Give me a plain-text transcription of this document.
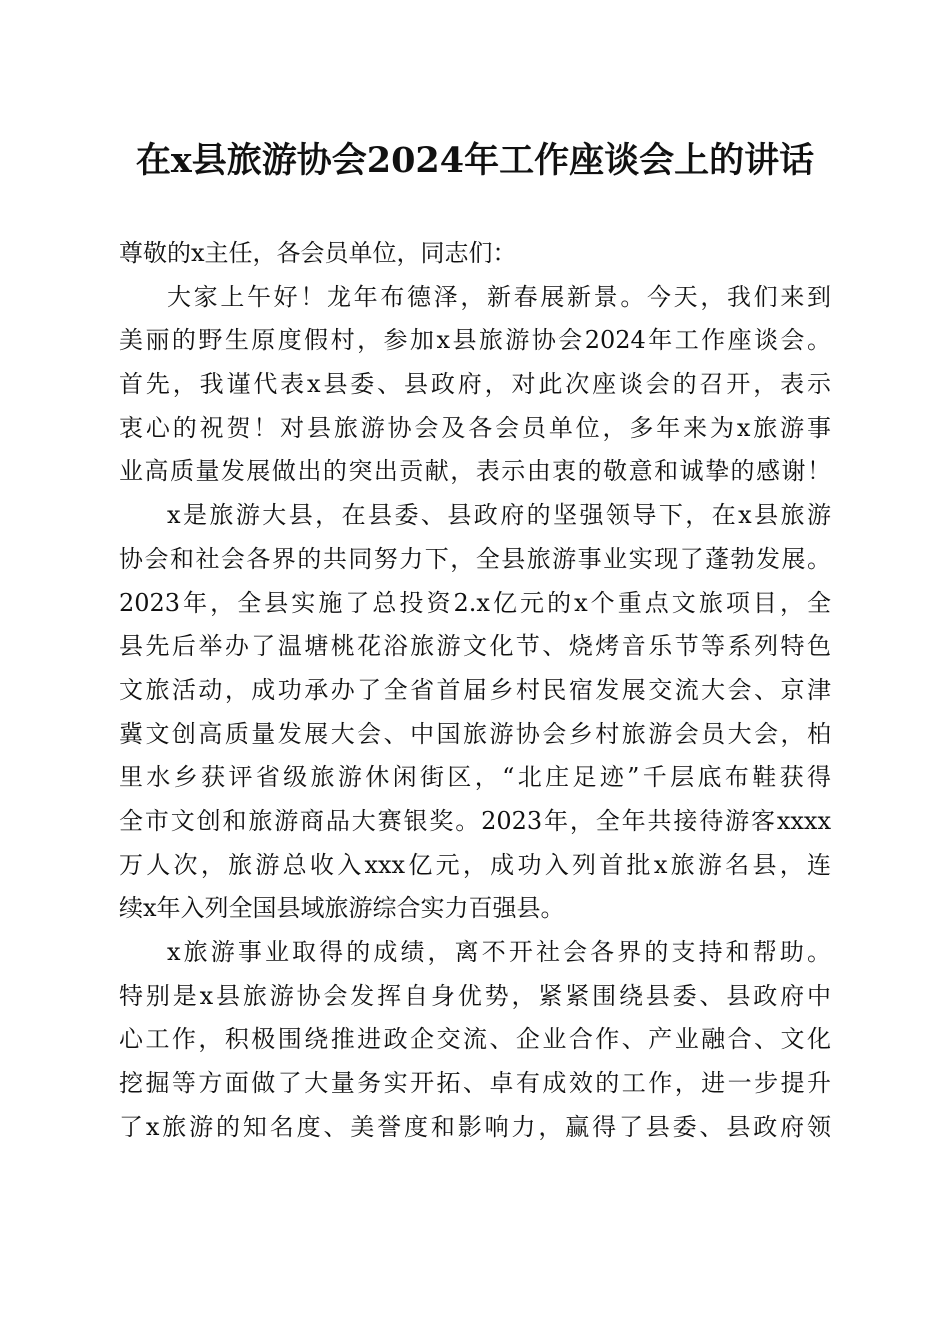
在x县旅游协会2024年工作座谈会上的讲话
尊敬的x主任，各会员单位，同志们：
大家上午好！龙年布德泽，新春展新景。今天，我们来到
美丽的野生原度假村，参加x县旅游协会2024年工作座谈会。
首先，我谨代表x县委、县政府，对此次座谈会的召开，表示
衷心的祝贺！对县旅游协会及各会员单位，多年来为x旅游事
业高质量发展做出的突出贡献，表示由衷的敬意和诚挚的感谢！
x是旅游大县，在县委、县政府的坚强领导下，在x县旅游
协会和社会各界的共同努力下，全县旅游事业实现了蓬勃发展。
2023年，全县实施了总投资2.x亿元的x个重点文旅项目，全
县先后举办了温塘桃花浴旅游文化节、烧烤音乐节等系列特色
文旅活动，成功承办了全省首届乡村民宿发展交流大会、京津
冀文创高质量发展大会、中国旅游协会乡村旅游会员大会，柏
里水乡获评省级旅游休闲街区，“北庄足迹”千层底布鞋获得
全市文创和旅游商品大赛银奖。2023年，全年共接待游客xxxx
万人次，旅游总收入xxx亿元，成功入列首批x旅游名县，连
续x年入列全国县域旅游综合实力百强县。
x旅游事业取得的成绩，离不开社会各界的支持和帮助。
特别是x县旅游协会发挥自身优势，紧紧围绕县委、县政府中
心工作，积极围绕推进政企交流、企业合作、产业融合、文化
挖掘等方面做了大量务实开拓、卓有成效的工作，进一步提升
了x旅游的知名度、美誉度和影响力，赢得了县委、县政府领
